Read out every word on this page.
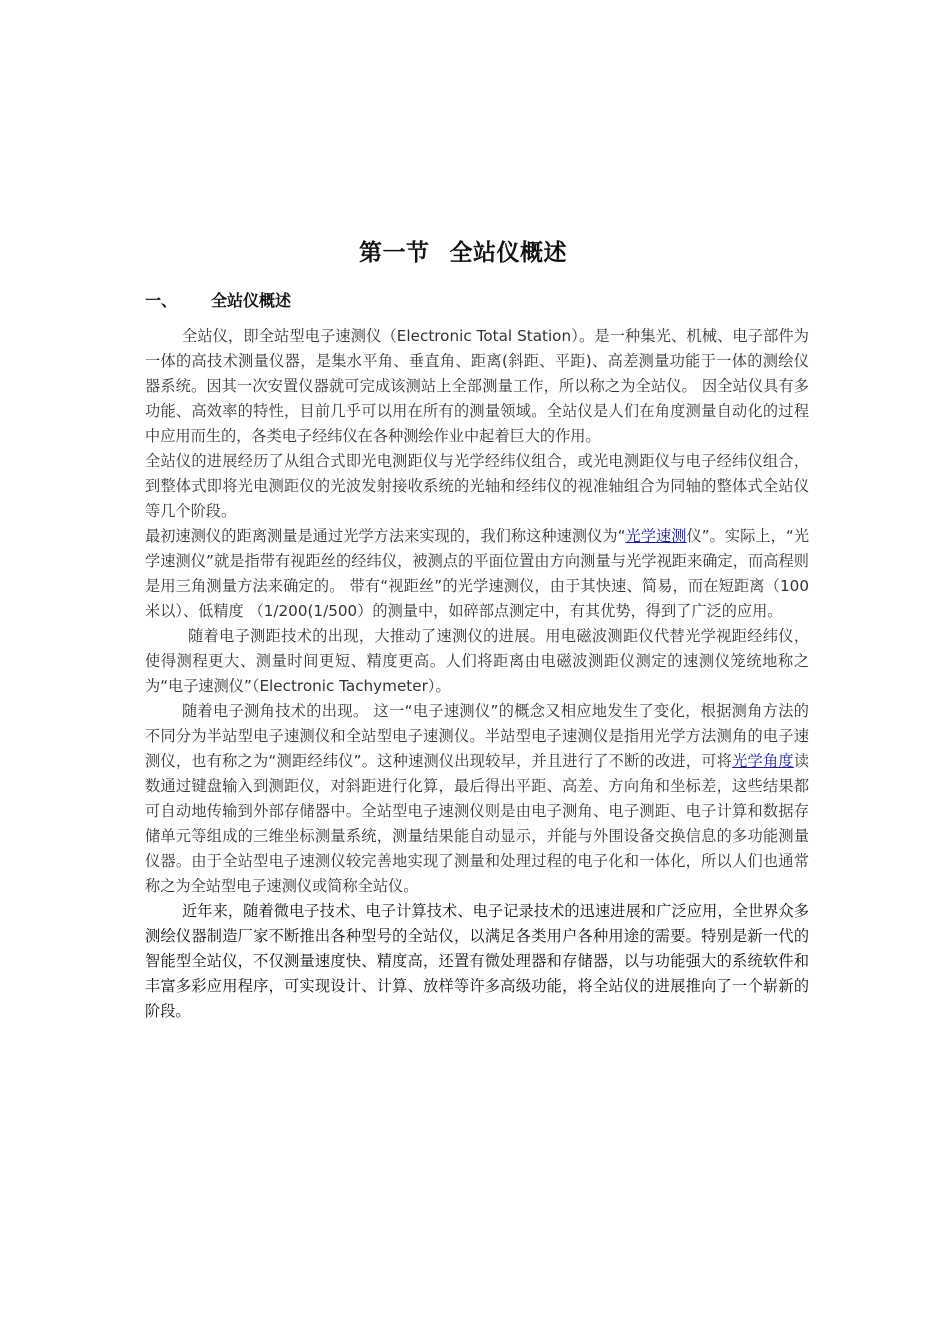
第一节 全站仪概述
一、 全站仪概述

全站仪，即全站型电子速测仪（Electronic Total Station）。是一种集光、机械、电子部件为一体的高技术测量仪器，是集水平角、垂直角、距离(斜距、平距)、高差测量功能于一体的测绘仪器系统。因其一次安置仪器就可完成该测站上全部测量工作，所以称之为全站仪。 因全站仪具有多功能、高效率的特性，目前几乎可以用在所有的测量领域。全站仪是人们在角度测量自动化的过程中应用而生的，各类电子经纬仪在各种测绘作业中起着巨大的作用。

全站仪的进展经历了从组合式即光电测距仪与光学经纬仪组合，或光电测距仪与电子经纬仪组合，到整体式即将光电测距仪的光波发射接收系统的光轴和经纬仪的视准轴组合为同轴的整体式全站仪等几个阶段。

最初速测仪的距离测量是通过光学方法来实现的，我们称这种速测仪为“光学速测仪”。实际上，“光学速测仪”就是指带有视距丝的经纬仪，被测点的平面位置由方向测量与光学视距来确定，而高程则是用三角测量方法来确定的。 带有“视距丝”的光学速测仪，由于其快速、简易，而在短距离（100米以）、低精度 （1/200(1/500）的测量中，如碎部点测定中，有其优势，得到了广泛的应用。

随着电子测距技术的出现，大推动了速测仪的进展。用电磁波测距仪代替光学视距经纬仪，使得测程更大、测量时间更短、精度更高。人们将距离由电磁波测距仪测定的速测仪笼统地称之为“电子速测仪”（Electronic Tachymeter）。

随着电子测角技术的出现。 这一“电子速测仪”的概念又相应地发生了变化，根据测角方法的不同分为半站型电子速测仪和全站型电子速测仪。半站型电子速测仪是指用光学方法测角的电子速测仪，也有称之为“测距经纬仪”。这种速测仪出现较早，并且进行了不断的改进，可将光学角度读数通过键盘输入到测距仪，对斜距进行化算，最后得出平距、高差、方向角和坐标差，这些结果都可自动地传输到外部存储器中。全站型电子速测仪则是由电子测角、电子测距、电子计算和数据存储单元等组成的三维坐标测量系统，测量结果能自动显示，并能与外围设备交换信息的多功能测量仪器。由于全站型电子速测仪较完善地实现了测量和处理过程的电子化和一体化，所以人们也通常称之为全站型电子速测仪或简称全站仪。

近年来，随着微电子技术、电子计算技术、电子记录技术的迅速进展和广泛应用，全世界众多测绘仪器制造厂家不断推出各种型号的全站仪，以满足各类用户各种用途的需要。特别是新一代的智能型全站仪，不仅测量速度快、精度高，还置有微处理器和存储器，以与功能强大的系统软件和丰富多彩应用程序，可实现设计、计算、放样等许多高级功能，将全站仪的进展推向了一个崭新的阶段。
